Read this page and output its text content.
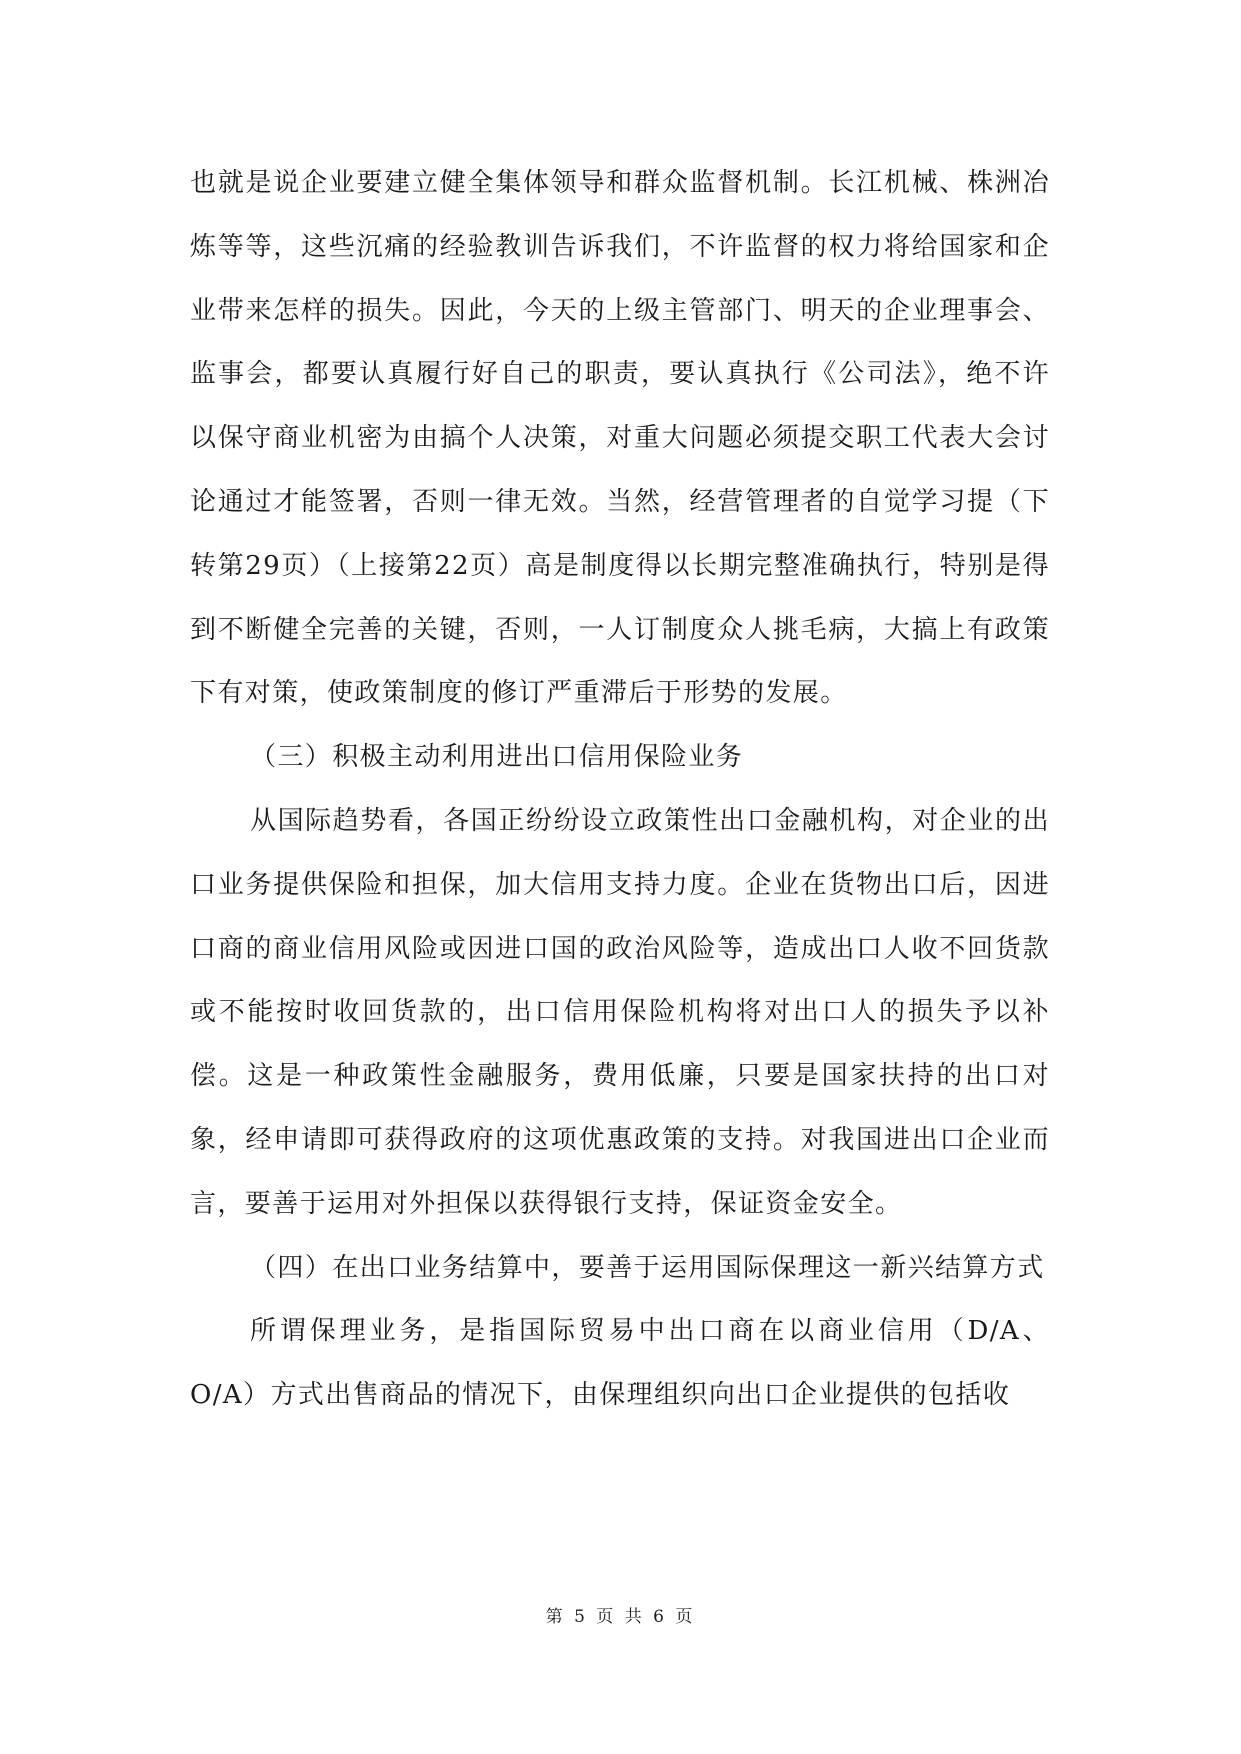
也就是说企业要建立健全集体领导和群众监督机制。长江机械、株洲冶炼等等，这些沉痛的经验教训告诉我们，不许监督的权力将给国家和企业带来怎样的损失。因此，今天的上级主管部门、明天的企业理事会、监事会，都要认真履行好自己的职责，要认真执行《公司法》，绝不许以保守商业机密为由搞个人决策，对重大问题必须提交职工代表大会讨论通过才能签署，否则一律无效。当然，经营管理者的自觉学习提（下转第29页）（上接第22页）高是制度得以长期完整准确执行，特别是得到不断健全完善的关键，否则，一人订制度众人挑毛病，大搞上有政策下有对策，使政策制度的修订严重滞后于形势的发展。

（三）积极主动利用进出口信用保险业务

从国际趋势看，各国正纷纷设立政策性出口金融机构，对企业的出口业务提供保险和担保，加大信用支持力度。企业在货物出口后，因进口商的商业信用风险或因进口国的政治风险等，造成出口人收不回货款或不能按时收回货款的，出口信用保险机构将对出口人的损失予以补偿。这是一种政策性金融服务，费用低廉，只要是国家扶持的出口对象，经申请即可获得政府的这项优惠政策的支持。对我国进出口企业而言，要善于运用对外担保以获得银行支持，保证资金安全。

（四）在出口业务结算中，要善于运用国际保理这一新兴结算方式

所谓保理业务，是指国际贸易中出口商在以商业信用（D/A、O/A）方式出售商品的情况下，由保理组织向出口企业提供的包括收

第 5 页 共 6 页
